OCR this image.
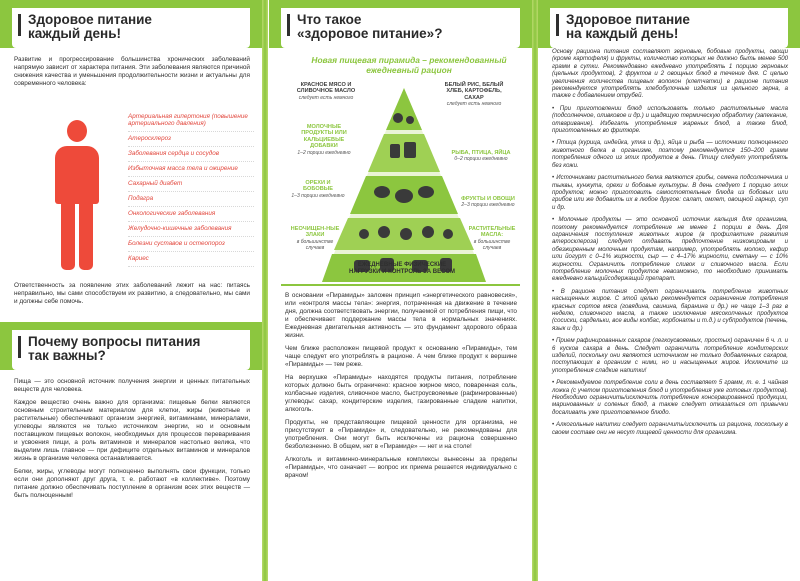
Здоровое питание
каждый день!
Развитие и прогрессирование большинства хронических заболеваний напрямую зависит от характера питания. Эти заболевания являются причиной снижения качества и уменьшения продолжительности жизни и актуальны для современного человека:
Артериальная гипертония (повышение артериального давления)
Атеросклероз
Заболевания сердца и сосудов
Избыточная масса тела и ожирение
Сахарный диабет
Подагра
Онкологические заболевания
Желудочно-кишечные заболевания
Болезни суставов и остеопороз
Кариес
Ответственность за появление этих заболеваний лежит на нас: питаясь неправильно, мы сами способствуем их развитию, а следовательно, мы сами и должны себе помочь.
Почему вопросы питания
так важны?

Пища — это основной источник получения энергии и ценных питательных веществ для человека.

Каждое вещество очень важно для организма: пищевые белки являются основным строительным материалом для клетки, жиры (животные и растительные) обеспечивают организм энергией, витаминами, минералами, углеводы являются не только источником энергии, но и основным поставщиком пищевых волокон, необходимых для процессов переваривания и усвоения пищи, а роль витаминов и минералов настолько велика, что выделим лишь главное — при дефиците отдельных витаминов и минералов жизнь в организме человека останавливается.

Белки, жиры, углеводы могут полноценно выполнять свои функции, только если они дополняют друг друга, т. е. работают «в коллективе». Поэтому питание должно обеспечивать поступление в организм всех этих веществ — быть полноценным!

Что такое
«здоровое питание»?
Новая пищевая пирамида – рекомендованный ежедневный рацион
КРАСНОЕ МЯСО И СЛИВОЧНОЕ МАСЛО
следует есть немного
БЕЛЫЙ РИС, БЕЛЫЙ ХЛЕБ, КАРТОФЕЛЬ, САХАР
следует есть немного
МОЛОЧНЫЕ ПРОДУКТЫ ИЛИ КАЛЬЦИЕВЫЕ ДОБАВКИ
1–2 порции ежедневно	РЫБА, ПТИЦА, ЯЙЦА
0–2 порции ежедневно
ОРЕХИ И БОБОВЫЕ
1–3 порции ежедневно
ФРУКТЫ И ОВОЩИ
2–3 порции ежедневно
НЕОЧИЩЕН-НЫЕ ЗЛАКИ
в большинстве случаев
РАСТИТЕЛЬНЫЕ МАСЛА:
в большинстве случаев
ЕЖЕДНЕВНЫЕ ФИЗИЧЕСКИЕ НАГРУЗКИ И КОНТРОЛЬ ЗА ВЕСОМ

В основании «Пирамиды» заложен принцип «энергетического равновесия», или «контроля массы тела»: энергия, потраченная на движение в течение дня, должна соответствовать энергии, получаемой от потребления пищи, что и обеспечивает поддержание массы тела в нормальных значениях. Ежедневная двигательная активность — это фундамент здорового образа жизни.

Чем ближе расположен пищевой продукт к основанию «Пирамиды», тем чаще следует его употреблять в рационе. А чем ближе продукт к вершине «Пирамиды» — тем реже.

На верхушке «Пирамиды» находятся продукты питания, потребление которых должно быть ограничено: красное жирное мясо, поваренная соль, колбасные изделия, сливочное масло, быстроусвояемые (рафинированные) углеводы: сахар, кондитерские изделия, газированные сладкие напитки, алкоголь.

Продукты, не представляющие пищевой ценности для организма, не присутствуют в «Пирамиде» и, следовательно, не рекомендованы для употребления. Они могут быть исключены из рациона совершенно безболезненно. В общем, нет в «Пирамиде» — нет и на столе!

Алкоголь и витаминно-минеральные комплексы вынесены за пределы «Пирамиды», что означает — вопрос их приема решается индивидуально с врачом!

Здоровое питание
на каждый день!

Основу рациона питания составляют зерновые, бобовые продукты, овощи (кроме картофеля) и фрукты, количество которых не должно быть менее 500 грамм в сутки. Рекомендовано ежедневно употреблять 1 порцию зерновых (цельных продуктов), 2 фруктов и 2 овощных блюд в течение дня. С целью увеличения количества пищевых волокон (клетчатки) в рационе питания рекомендуется употреблять хлебобулочные изделия из цельного зерна, а также с добавлением отрубей.

• При приготовлении блюд использовать только растительные масла (подсолнечное, оливковое и др.) и щадящую термическую обработку (запекание, отваривание). Избегать употребления жареных блюд, а также блюд, приготовленных во фритюре.

• Птица (курица, индейка, утка и др.), яйца и рыба — источники полноценного животного белка в организме, поэтому рекомендуется 150–200 грамм потребления одного из этих продуктов в день. Птицу следует употреблять без кожи.

• Источниками растительного белка являются грибы, семена подсолнечника и тыквы, кунжута, орехи и бобовые культуры. В день следует 1 порцию этих продуктов; можно приготовить самостоятельные блюда из бобовых или грибов или же добавить их в любое другое: салат, омлет, овощной гарнир, суп и др.

• Молочные продукты — это основной источник кальция для организма, поэтому рекомендуется потребление не менее 1 порции в день. Для ограничения поступления животных жиров (в профилактике развития атеросклероза) следует отдавать предпочтение низкожировым и обезжиренным молочным продуктам, например, употреблять молоко, кефир или йогурт с 0–1% жирности, сыр — с 4–17% жирности, сметану — с 10% жирности. Ограничить потребление сливок и сливочного масла. Если потребление молочных продуктов невозможно, то необходимо принимать ежедневно кальцийсодержащий препарат.

• В рационе питания следует ограничивать потребление животных насыщенных жиров. С этой целью рекомендуется ограничение потребления красных сортов мяса (говядина, свинина, баранина и др.) не чаще 1–3 раз в неделю, сливочного масла, а также исключение мясокопченых продуктов (сосиски, сардельки, все виды колбас, корбонаты и т.д.) и субпродуктов (печень, язык и др.)

• Прием рафинированных сахаров (легкоусвояемых, простых) ограничен 6 ч. л. и 6 кусков сахара в день. Следует ограничить потребление кондитерских изделий, поскольку они являются источником не только добавленных сахаров, поступающих в организм с ними, но и насыщенных жиров. Исключите из употребления сладкие напитки!

• Рекомендуемое потребление соли в день составляет 5 грамм, т. е. 1 чайная ложка (с учетом приготовления блюд и употребления уже готовых продуктов). Необходимо ограничить/исключить потребление консервированной продукции, маринованных и соленых блюд, а также следует отказаться от привычки досаливать уже приготовленное блюдо.

• Алкогольные напитки следует ограничить/исключить из рациона, поскольку в своем составе они не несут пищевой ценности для организма.
